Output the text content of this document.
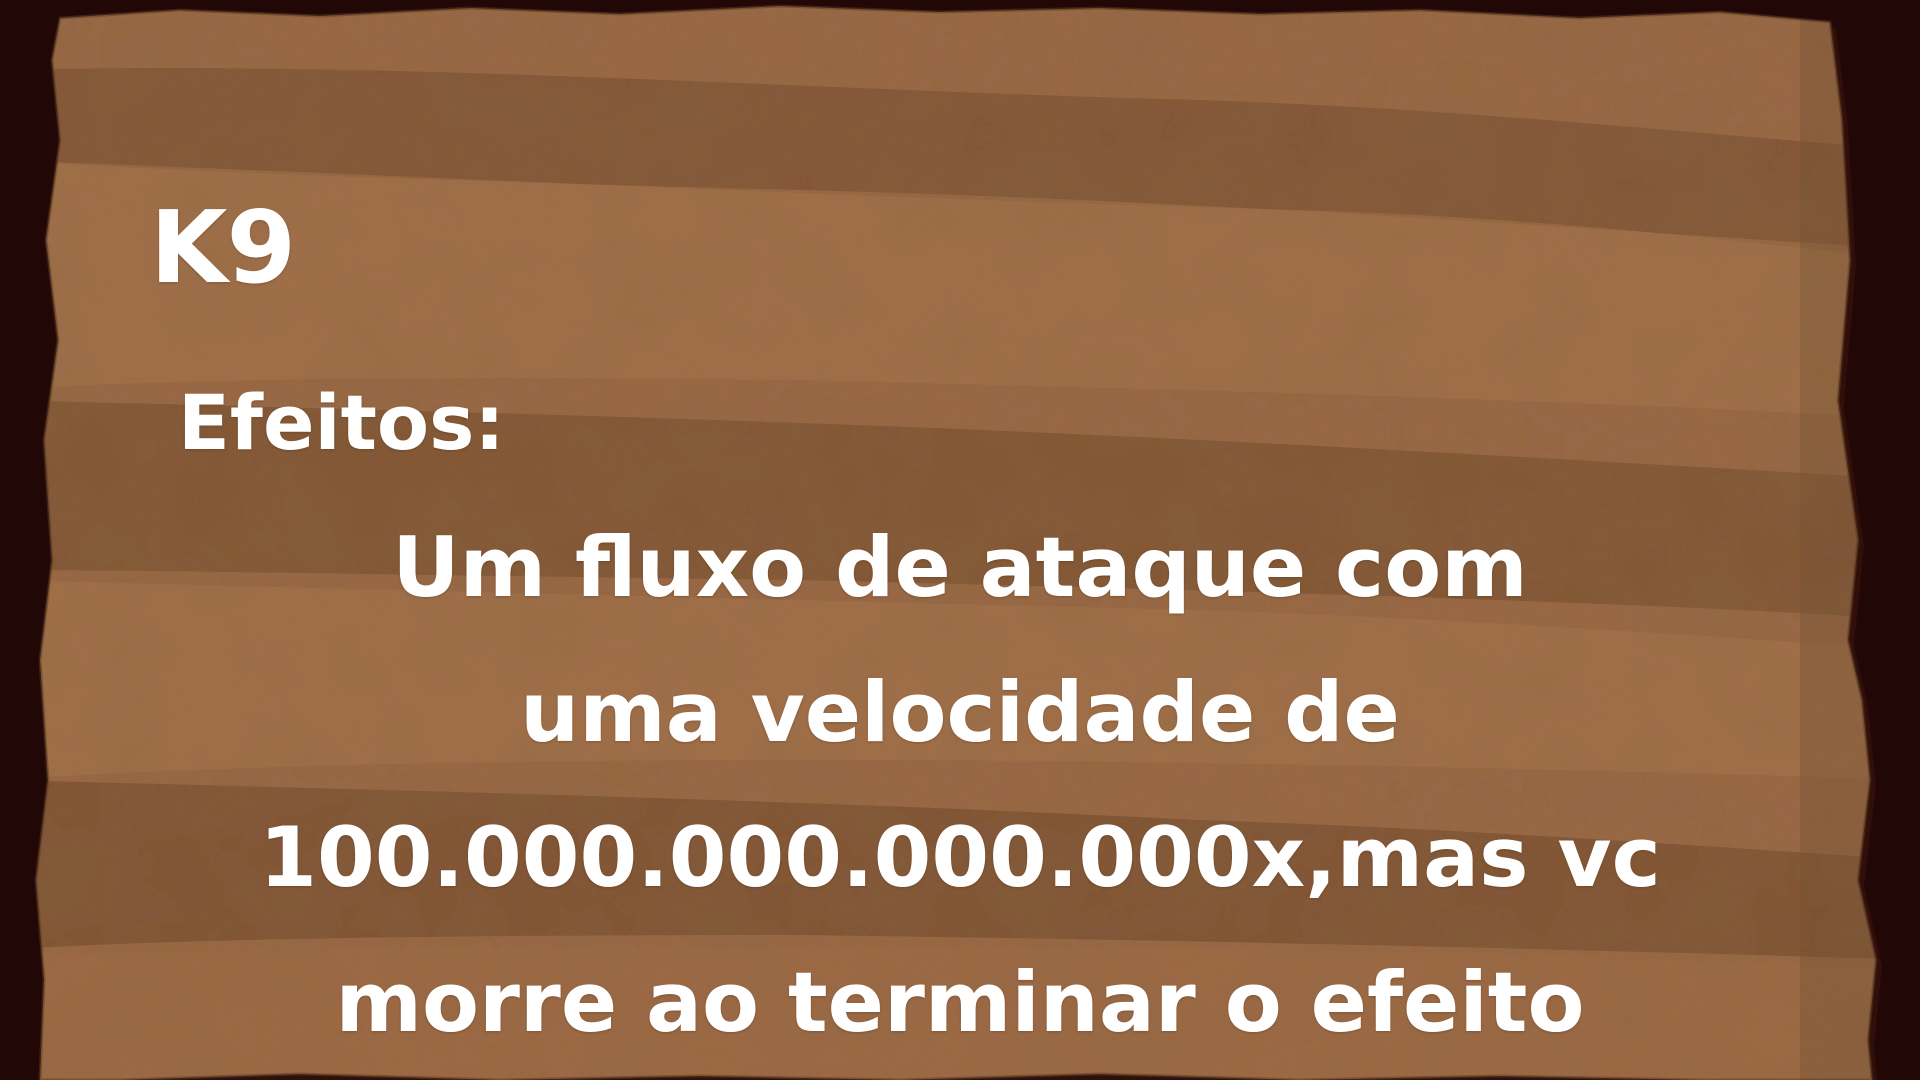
K9
Efeitos:
Um fluxo de ataque com
uma velocidade de
100.000.000.000.000x,mas vc
morre ao terminar o efeito
